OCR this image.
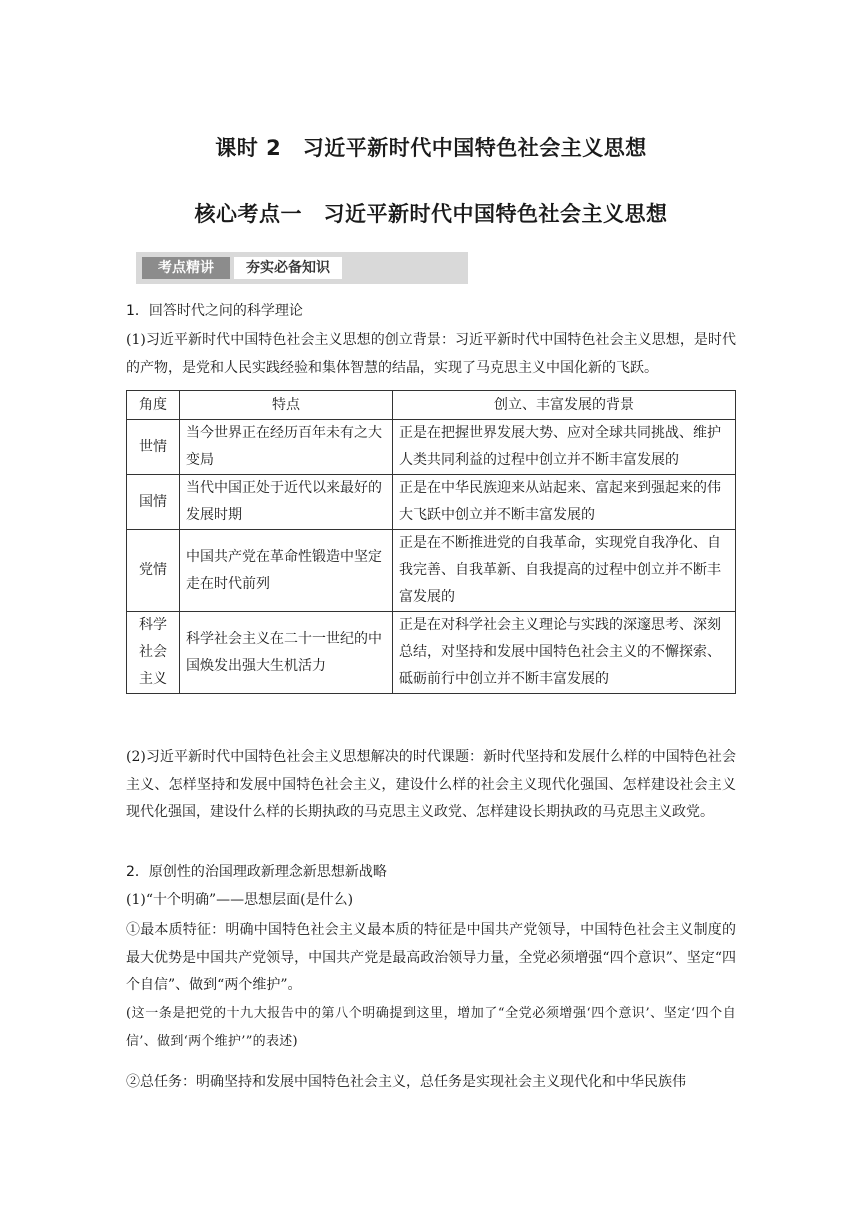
课时 2　习近平新时代中国特色社会主义思想
核心考点一　习近平新时代中国特色社会主义思想
考点精讲	夯实必备知识
1．回答时代之问的科学理论
(1)习近平新时代中国特色社会主义思想的创立背景：习近平新时代中国特色社会主义思想，是时代的产物，是党和人民实践经验和集体智慧的结晶，实现了马克思主义中国化新的飞跃。
角度	特点	创立、丰富发展的背景
世情	当今世界正在经历百年未有之大变局	正是在把握世界发展大势、应对全球共同挑战、维护人类共同利益的过程中创立并不断丰富发展的
国情	当代中国正处于近代以来最好的发展时期	正是在中华民族迎来从站起来、富起来到强起来的伟大飞跃中创立并不断丰富发展的
党情	中国共产党在革命性锻造中坚定走在时代前列	正是在不断推进党的自我革命，实现党自我净化、自我完善、自我革新、自我提高的过程中创立并不断丰富发展的
科学社会主义	科学社会主义在二十一世纪的中国焕发出强大生机活力	正是在对科学社会主义理论与实践的深邃思考、深刻总结，对坚持和发展中国特色社会主义的不懈探索、砥砺前行中创立并不断丰富发展的
(2)习近平新时代中国特色社会主义思想解决的时代课题：新时代坚持和发展什么样的中国特色社会主义、怎样坚持和发展中国特色社会主义，建设什么样的社会主义现代化强国、怎样建设社会主义现代化强国，建设什么样的长期执政的马克思主义政党、怎样建设长期执政的马克思主义政党。
2．原创性的治国理政新理念新思想新战略
(1)“十个明确”——思想层面(是什么)
①最本质特征：明确中国特色社会主义最本质的特征是中国共产党领导，中国特色社会主义制度的最大优势是中国共产党领导，中国共产党是最高政治领导力量，全党必须增强“四个意识”、坚定“四个自信”、做到“两个维护”。
(这一条是把党的十九大报告中的第八个明确提到这里，增加了“全党必须增强‘四个意识’、坚定‘四个自信’、做到‘两个维护’”的表述)
②总任务：明确坚持和发展中国特色社会主义，总任务是实现社会主义现代化和中华民族伟
